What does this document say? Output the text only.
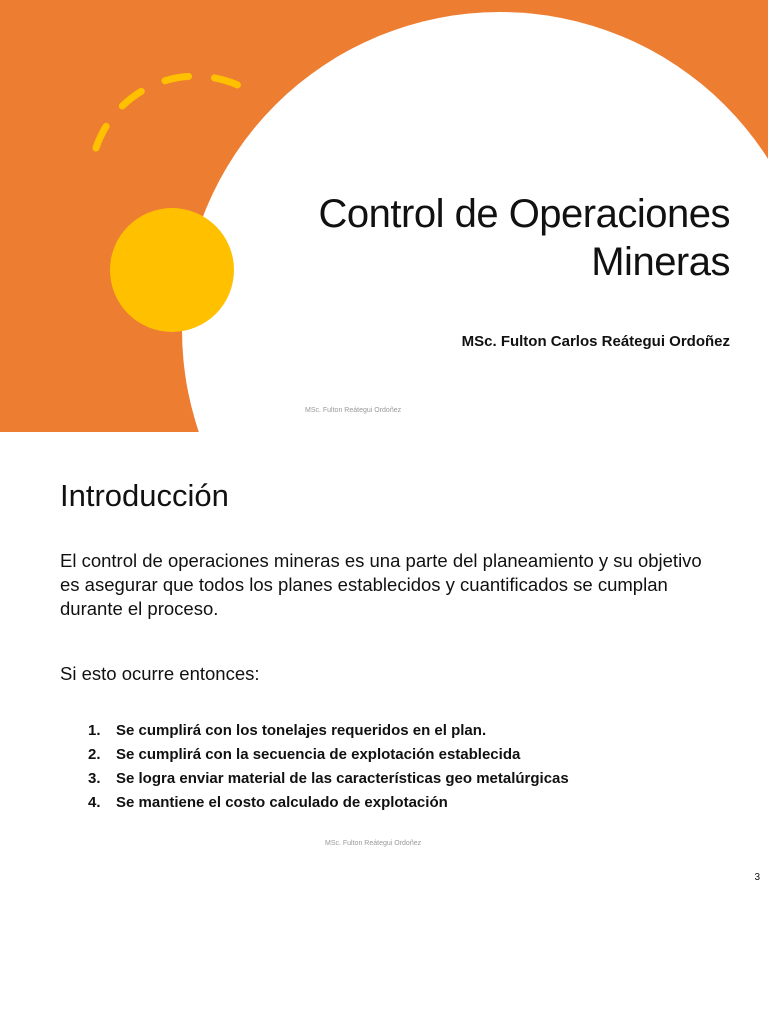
Control de Operaciones
Mineras
MSc. Fulton Carlos Reátegui Ordoñez
MSc. Fulton Reátegui Ordoñez
Introducción

El control de operaciones mineras es una parte del planeamiento y su objetivo es asegurar que todos los planes establecidos y cuantificados se cumplan durante el proceso.

Si esto ocurre entonces:

1. Se cumplirá con los tonelajes requeridos en el plan.
2. Se cumplirá con la secuencia de explotación establecida
3. Se logra enviar material de las características geo metalúrgicas
4. Se mantiene el costo calculado de explotación
MSc. Fulton Reátegui Ordoñez
3
